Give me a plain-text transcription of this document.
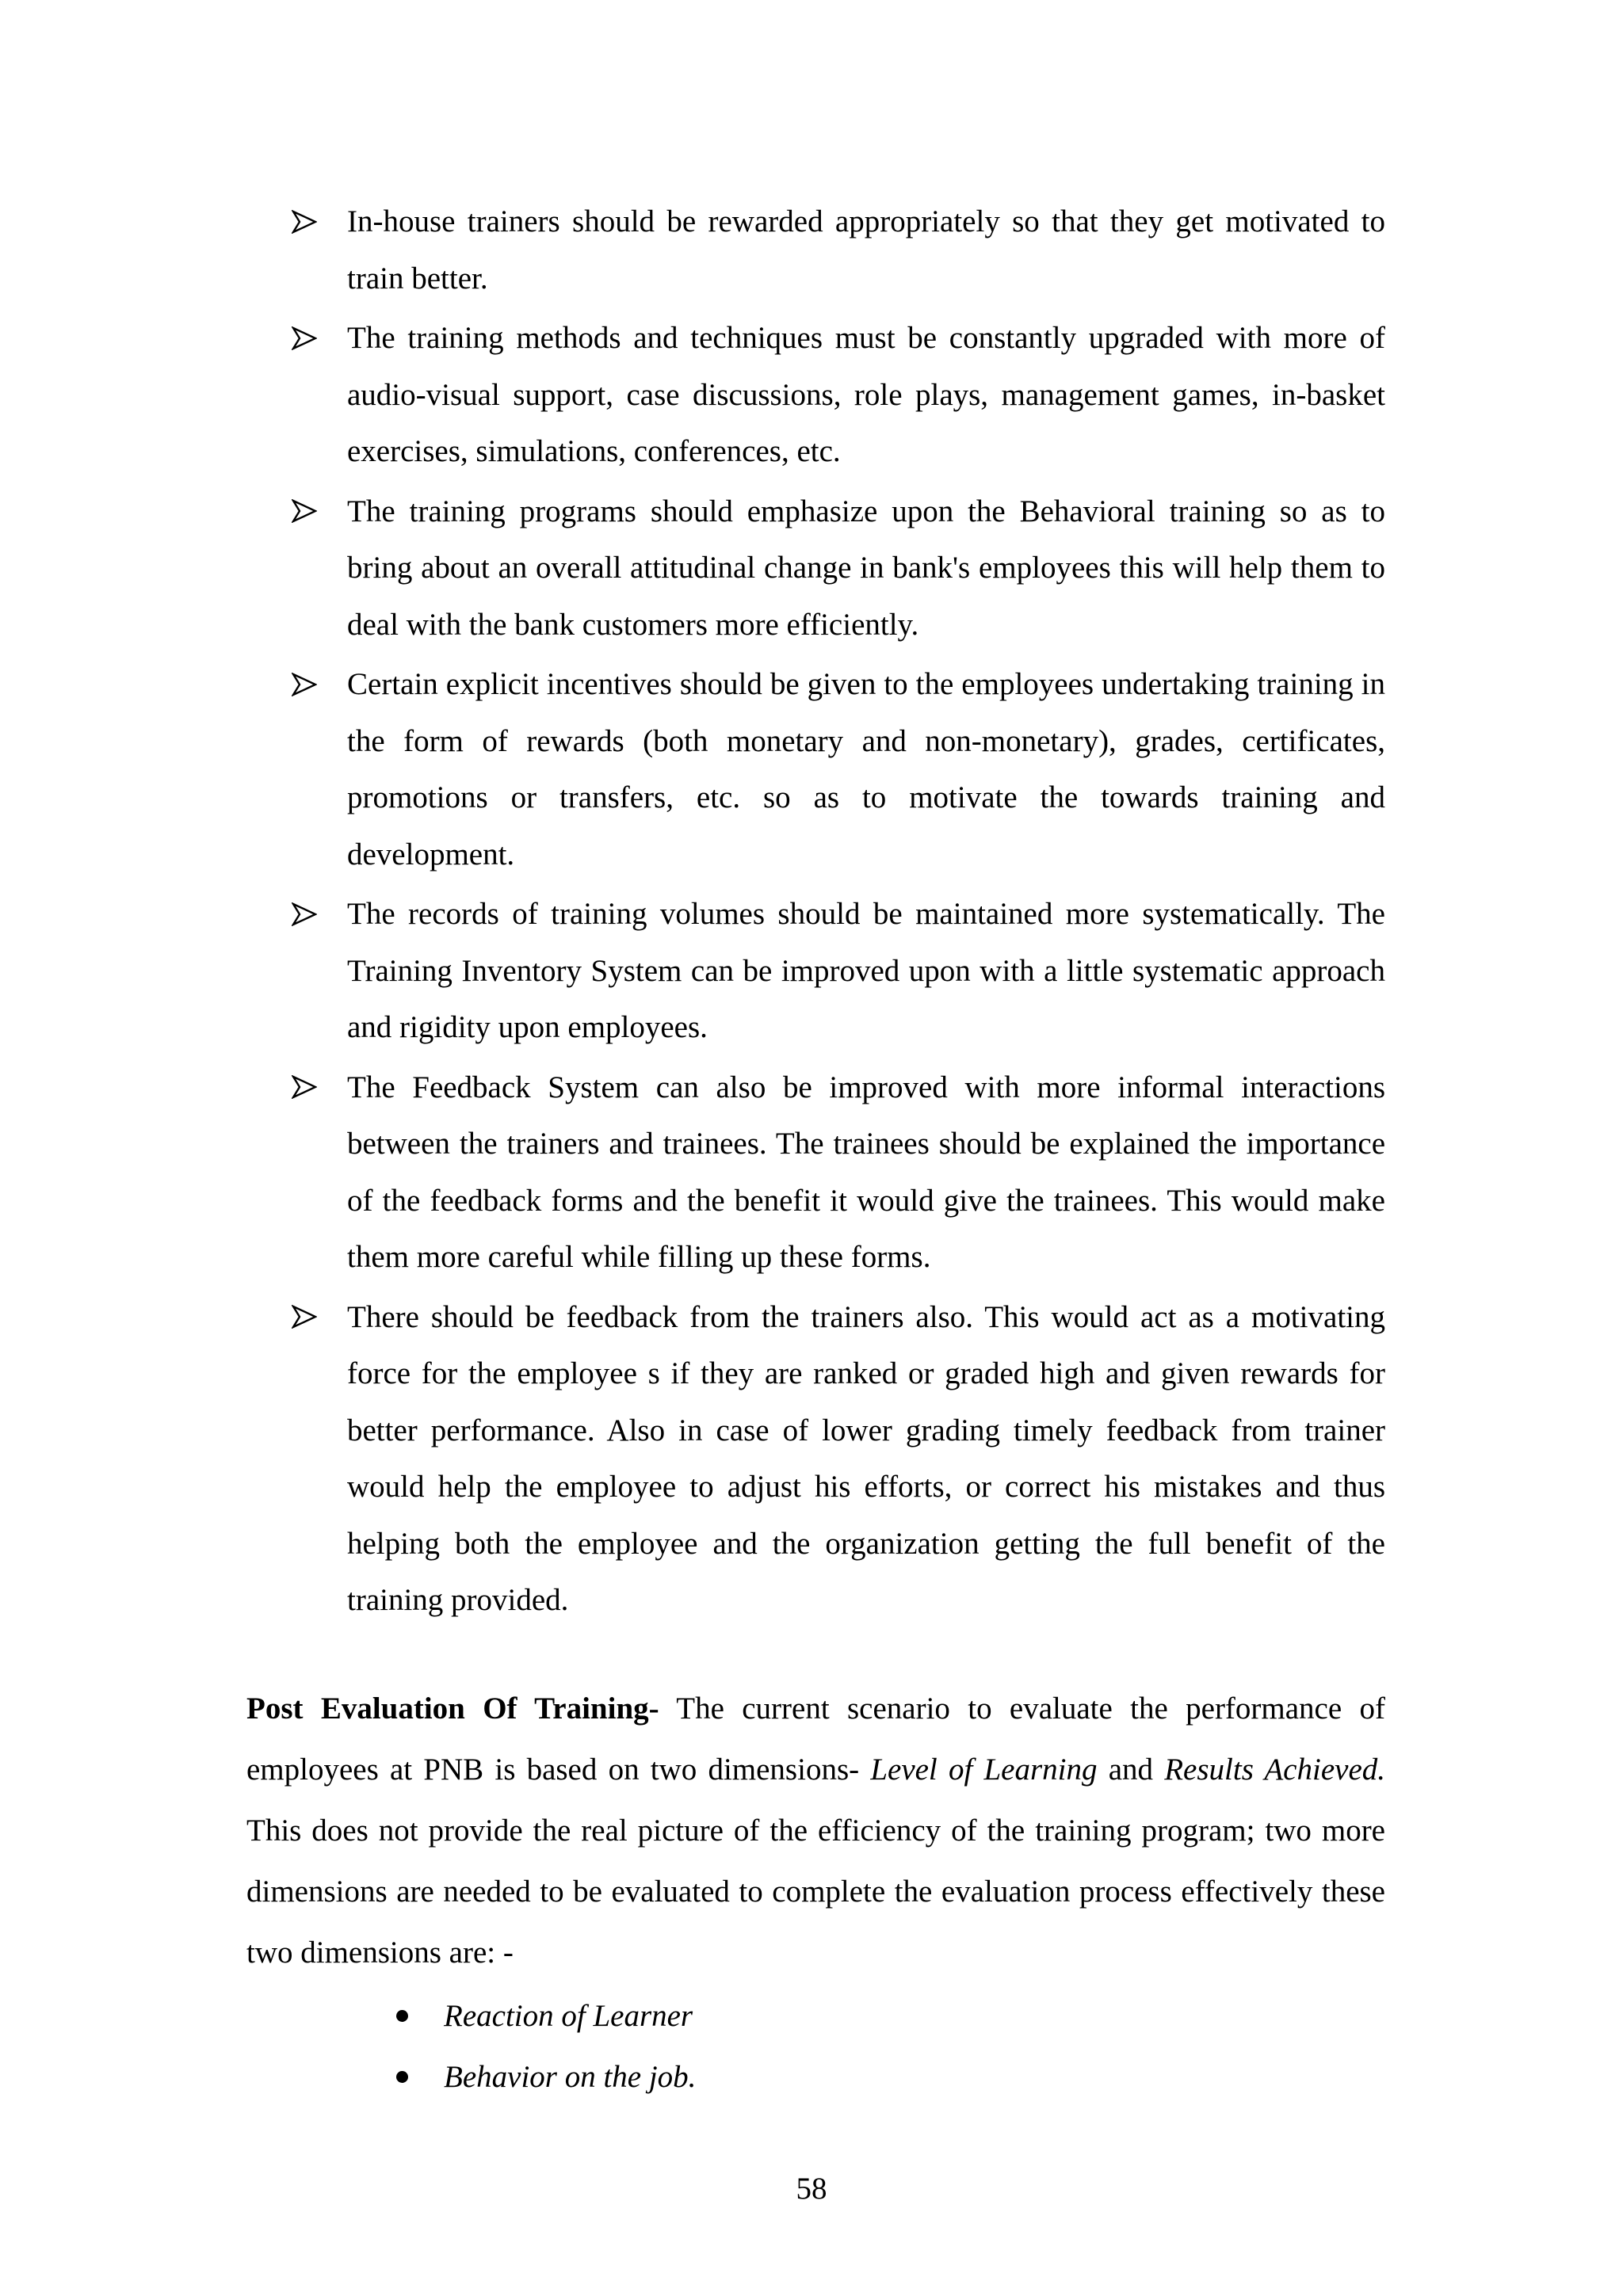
In-house trainers should be rewarded appropriately so that they get motivated to train better.
The training methods and techniques must be constantly upgraded with more of audio-visual support, case discussions, role plays, management games, in-basket exercises, simulations, conferences, etc.
The training programs should emphasize upon the Behavioral training so as to bring about an overall attitudinal change in bank's employees this will help them to deal with the bank customers more efficiently.
Certain explicit incentives should be given to the employees undertaking training in the form of rewards (both monetary and non-monetary), grades, certificates, promotions or transfers, etc. so as to motivate the towards training and development.
The records of training volumes should be maintained more systematically. The Training Inventory System can be improved upon with a little systematic approach and rigidity upon employees.
The Feedback System can also be improved with more informal interactions between the trainers and trainees. The trainees should be explained the importance of the feedback forms and the benefit it would give the trainees. This would make them more careful while filling up these forms.
There should be feedback from the trainers also. This would act as a motivating force for the employee s if they are ranked or graded high and given rewards for better performance. Also in case of lower grading timely feedback from trainer would help the employee to adjust his efforts, or correct his mistakes and thus helping both the employee and the organization getting the full benefit of the training provided.

Post Evaluation Of Training- The current scenario to evaluate the performance of employees at PNB is based on two dimensions- Level of Learning and Results Achieved. This does not provide the real picture of the efficiency of the training program; two more dimensions are needed to be evaluated to complete the evaluation process effectively these two dimensions are: -

Reaction of Learner
Behavior on the job.
58
